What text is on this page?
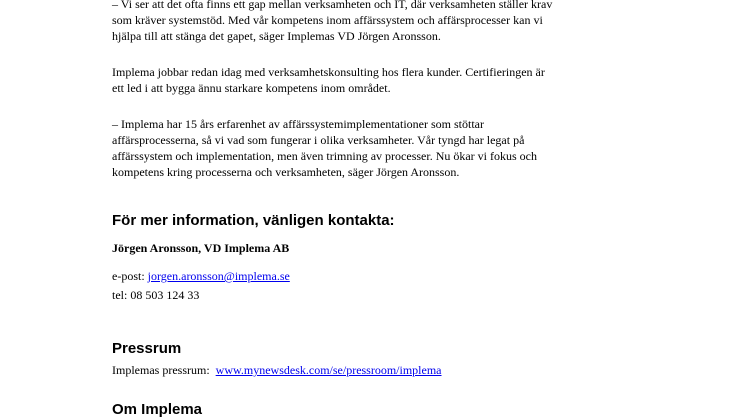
– Vi ser att det ofta finns ett gap mellan verksamheten och IT, där verksamheten ställer krav
som kräver systemstöd. Med vår kompetens inom affärssystem och affärsprocesser kan vi
hjälpa till att stänga det gapet, säger Implemas VD Jörgen Aronsson.
Implema jobbar redan idag med verksamhetskonsulting hos flera kunder. Certifieringen är
ett led i att bygga ännu starkare kompetens inom området.
– Implema har 15 års erfarenhet av affärssystemimplementationer som stöttar
affärsprocesserna, så vi vad som fungerar i olika verksamheter. Vår tyngd har legat på
affärssystem och implementation, men även trimning av processer. Nu ökar vi fokus och
kompetens kring processerna och verksamheten, säger Jörgen Aronsson.
För mer information, vänligen kontakta:
Jörgen Aronsson, VD Implema AB
e-post: jorgen.aronsson@implema.se
tel: 08 503 124 33
Pressrum
Implemas pressrum:  www.mynewsdesk.com/se/pressroom/implema
Om Implema
